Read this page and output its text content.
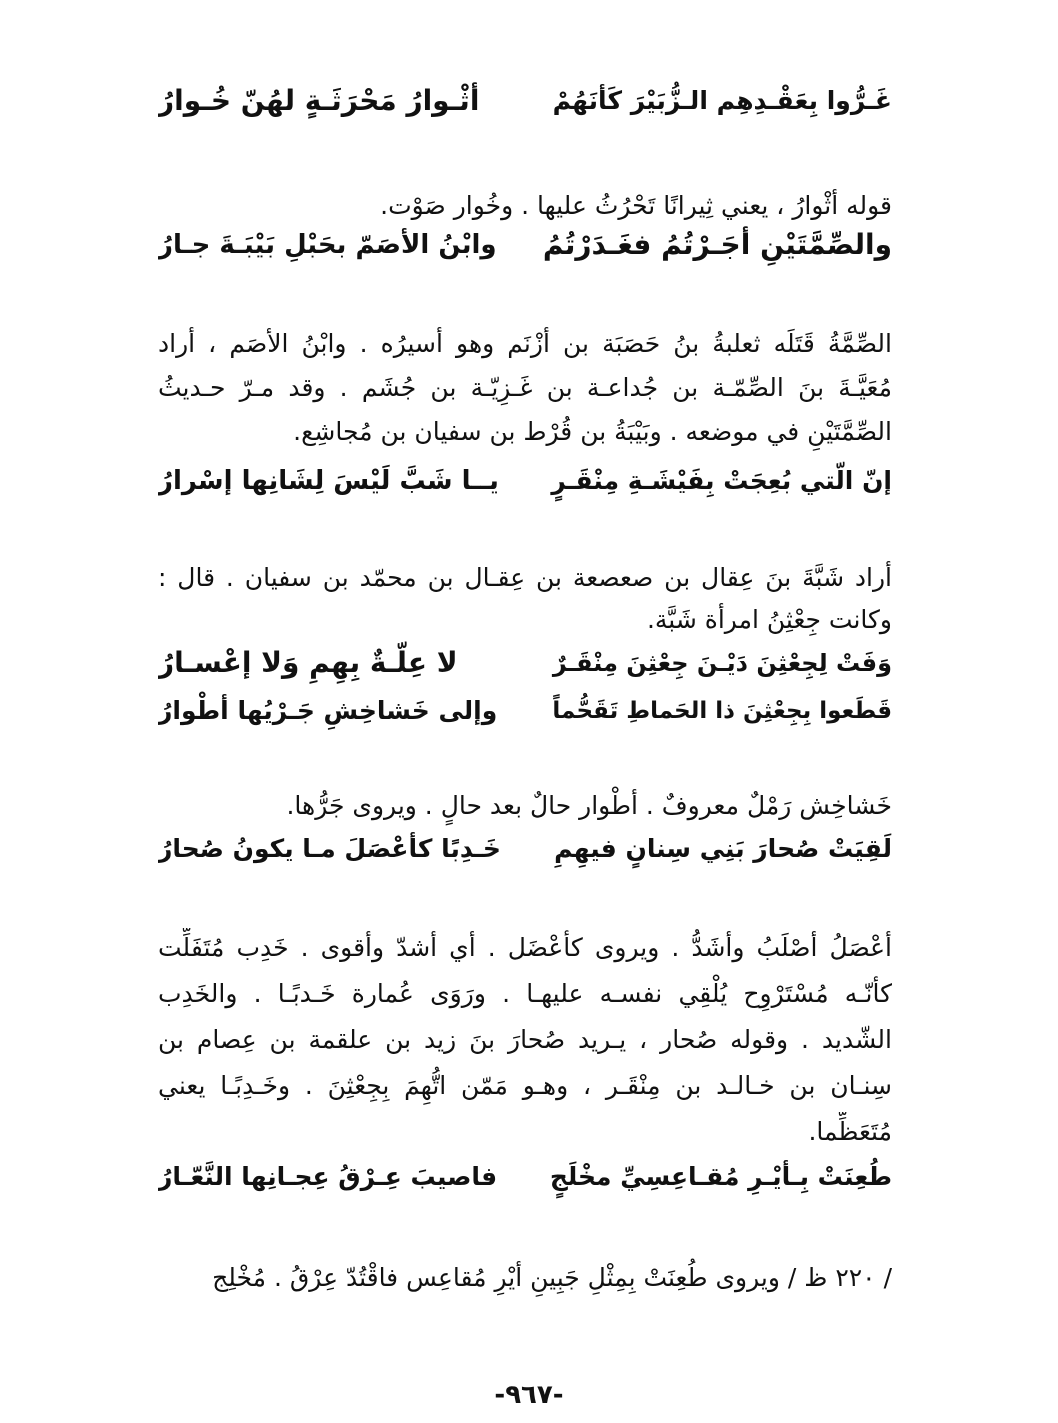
غَـرُّوا بِعَقْـدِهِم الـزُّبَيْرَ كَأنَهُمْ
أثْـوارُ مَحْرَثَـةٍ لهُنّ خُـوارُ
قوله أثْوارُ ، يعني ثِيرانًا تَحْرُثُ عليها . وخُوار صَوْت.
والصِّمَّتَيْنِ أجَـرْتُمُ فغَـدَرْتُمُ
وابْنُ الأصَمّ بحَبْلِ بَيْبَـةَ جـارُ
الصِّمَّةُ قَتَلَه ثعلبةُ بنُ حَصَبَة بن أزْنَم وهو أسيرُه . وابْنُ الأصَم ، أراد
مُعَيَّـةَ بنَ الصِّمّـة بن جُداعـة بن غَـزِيّـة بن جُشَم . وقد مـرّ حـديثُ
الصِّمَّتَيْنِ في موضعه . وبَيْبَةُ بن قُرْط بن سفيان بن مُجاشِع.
إنّ الّتي بُعِجَتْ بِفَيْشَـةِ مِنْقَـرٍ
يــا شَبَّ لَيْسَ لِشَانِها إسْرارُ
أراد شَبَّةَ بنَ عِقال بن صعصعة بن عِقـال بن محمّد بن سفيان . قال :
وكانت جِعْثِنُ امرأة شَبَّة.
وَفَتْ لِجِعْثِنَ دَيْـنَ جِعْثِنَ مِنْقَـرٌ
لا عِلّـةٌ بِهِمِ وَلا إعْسـارُ
قَطَعوا بِجِعْثِنَ ذا الحَماطِ تَقَحُّماً
وإلى خَشاخِشِ جَـرْيُها أطْوارُ
خَشاخِش رَمْلٌ معروفٌ . أطْوار حالٌ بعد حالٍ . ويروى جَرُّها.
لَقِيَتْ صُحارَ بَنِي سِنانٍ فيهِمِ
خَـدِبًا كأعْصَلَ مـا يكونُ صُحارُ
أعْصَلُ أصْلَبُ وأشَدُّ . ويروى كأعْضَل . أي أشدّ وأقوى . خَدِب مُتَفَلِّت
كأنّـه مُسْتَرْوِح يُلْقِي نفسـه عليهـا . ورَوَى عُمارة خَـدبًـا . والخَدِب
الشّديد . وقوله صُحار ، يـريد صُحارَ بنَ زيد بن علقمة بن عِصام بن
سِنـان بن خـالـد بن مِنْقَـر ، وهـو مَمّن اتُّهِمَ بِجِعْثِنَ . وخَـدِبًـا يعني
مُتَعَظِّما.
طُعِنَتْ بِـأيْـرِ مُقـاعِسِيِّ مخْلَجٍ
فاصيبَ عِـرْقُ عِجـانِها النَّعّـارُ
/ ٢٢٠ ظ / ويروى طُعِنَتْ بِمِثْلِ جَبِينِ أيْرِ مُقاعِس فاقْتُدّ عِرْقُ . مُخْلِج
-٩٦٧-
